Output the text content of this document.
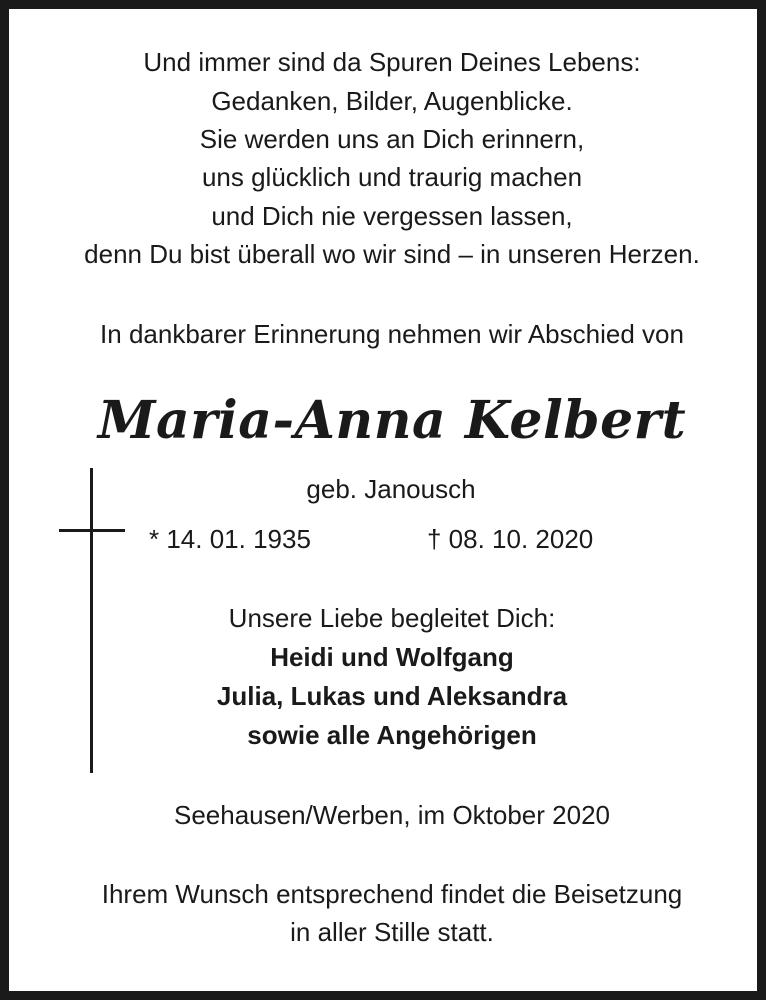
Und immer sind da Spuren Deines Lebens:
Gedanken, Bilder, Augenblicke.
Sie werden uns an Dich erinnern,
uns glücklich und traurig machen
und Dich nie vergessen lassen,
denn Du bist überall wo wir sind – in unseren Herzen.
In dankbarer Erinnerung nehmen wir Abschied von
Maria-Anna Kelbert
geb. Janousch
* 14. 01. 1935	† 08. 10. 2020
Unsere Liebe begleitet Dich:
Heidi und Wolfgang
Julia, Lukas und Aleksandra
sowie alle Angehörigen
Seehausen/Werben, im Oktober 2020
Ihrem Wunsch entsprechend findet die Beisetzung
in aller Stille statt.
